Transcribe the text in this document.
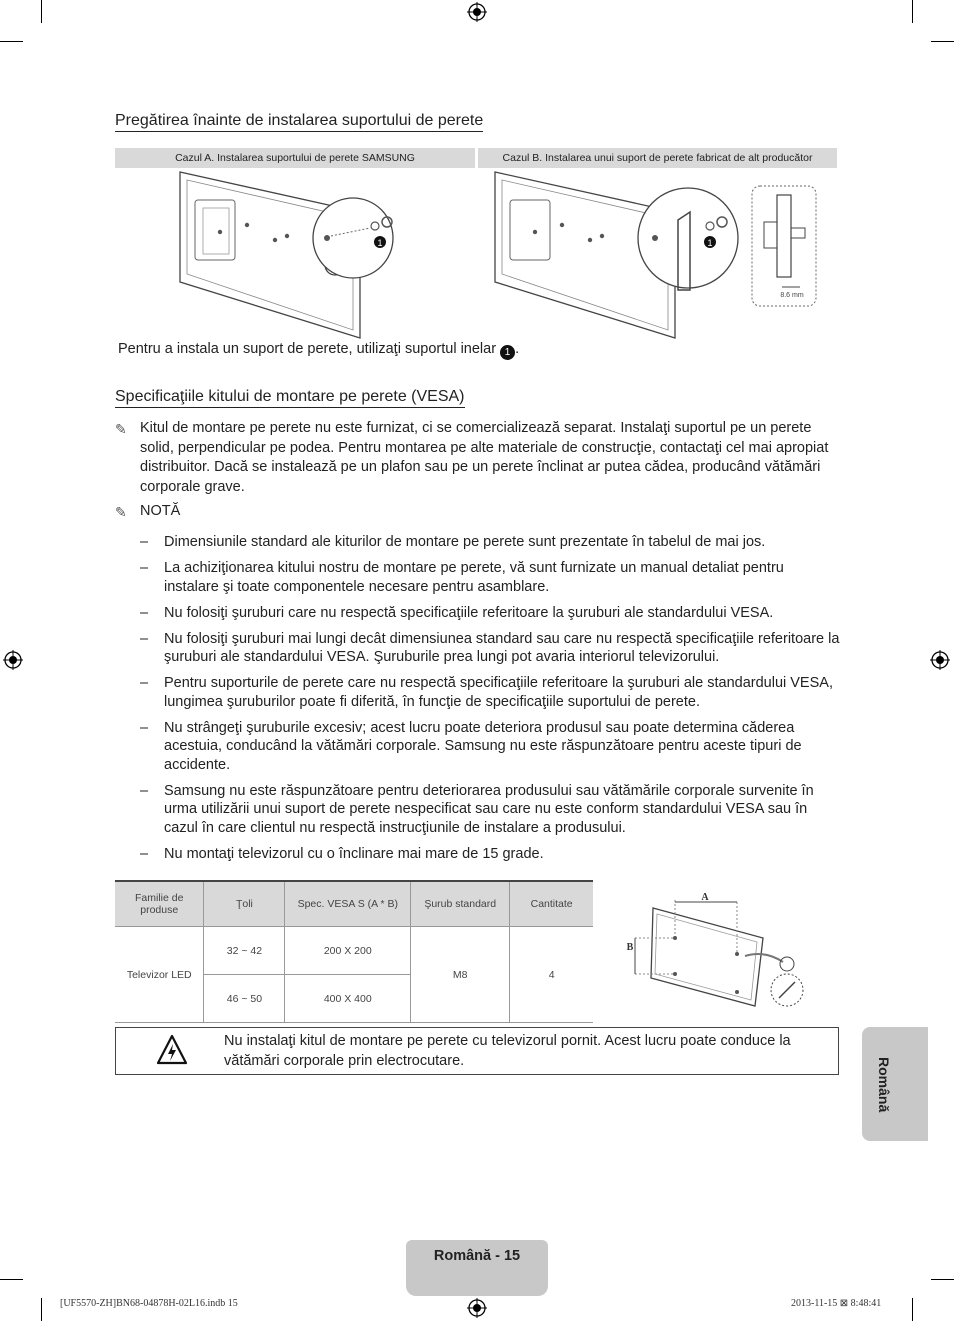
Pregătirea înainte de instalarea suportului de perete
Cazul A. Instalarea suportului de perete SAMSUNG	Cazul B. Instalarea unui suport de perete fabricat de alt producător
1	1
8.6 mm
Pentru a instala un suport de perete, utilizaţi suportul inelar 1 .
Specificaţiile kitului de montare pe perete (VESA)
✎ Kitul de montare pe perete nu este furnizat, ci se comercializează separat. Instalaţi suportul pe un perete solid, perpendicular pe podea. Pentru montarea pe alte materiale de construcţie, contactaţi cel mai apropiat distribuitor. Dacă se instalează pe un plafon sau pe un perete înclinat ar putea cădea, producând vătămări corporale grave.
✎ NOTĂ
– Dimensiunile standard ale kiturilor de montare pe perete sunt prezentate în tabelul de mai jos.
– La achiziţionarea kitului nostru de montare pe perete, vă sunt furnizate un manual detaliat pentru instalare şi toate componentele necesare pentru asamblare.
– Nu folosiţi şuruburi care nu respectă specificaţiile referitoare la şuruburi ale standardului VESA.
– Nu folosiţi şuruburi mai lungi decât dimensiunea standard sau care nu respectă specificaţiile referitoare la şuruburi ale standardului VESA. Şuruburile prea lungi pot avaria interiorul televizorului.
– Pentru suporturile de perete care nu respectă specificaţiile referitoare la şuruburi ale standardului VESA, lungimea şuruburilor poate fi diferită, în funcţie de specificaţiile suportului de perete.
– Nu strângeţi şuruburile excesiv; acest lucru poate deteriora produsul sau poate determina căderea acestuia, conducând la vătămări corporale. Samsung nu este răspunzătoare pentru aceste tipuri de accidente.
– Samsung nu este răspunzătoare pentru deteriorarea produsului sau vătămările corporale survenite în urma utilizării unui suport de perete nespecificat sau care nu este conform standardului VESA sau în cazul în care clientul nu respectă instrucţiunile de instalare a produsului.
– Nu montaţi televizorul cu o înclinare mai mare de 15 grade.
Familie de produse	Ţoli	Spec. VESA S (A * B)	Şurub standard	Cantitate
Televizor LED	32 ~ 42	200 X 200	M8	4
	46 ~ 50	400 X 400		
A
B
Nu instalaţi kitul de montare pe perete cu televizorul pornit. Acest lucru poate conduce la vătămări corporale prin electrocutare.	Română
Română - 15
[UF5570-ZH]BN68-04878H-02L16.indb 15	2013-11-15 ⊠ 8:48:41
